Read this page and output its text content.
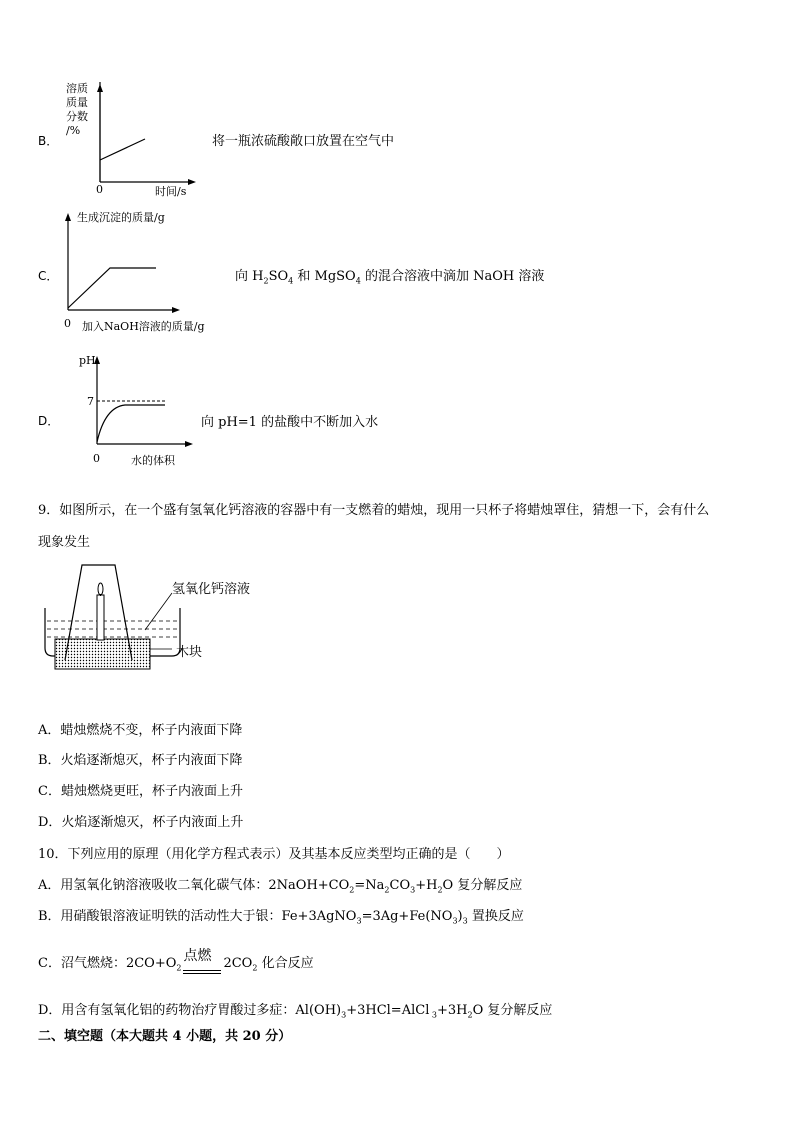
B．
溶质
质量
分数
/%
0	时间/s
将一瓶浓硫酸敞口放置在空气中
C．
生成沉淀的质量/g
0 加入NaOH溶液的质量/g
向 $H_2SO_4$ 和 MgSO$_4$ 的混合溶液中滴加 NaOH 溶液
D．
pH
7
0	水的体积
向 pH=1 的盐酸中不断加入水
9．如图所示，在一个盛有氢氧化钙溶液的容器中有一支燃着的蜡烛，现用一只杯子将蜡烛罩住，猜想一下，会有什么
现象发生
氢氧化钙溶液
木块
A．蜡烛燃烧不变，杯子内液面下降
B．火焰逐渐熄灭，杯子内液面下降
C．蜡烛燃烧更旺，杯子内液面上升
D．火焰逐渐熄灭，杯子内液面上升
10．下列应用的原理（用化学方程式表示）及其基本反应类型均正确的是（　　）
A．用氢氧化钠溶液吸收二氧化碳气体：$2NaOH+CO_2=Na_2CO_3+H_2O$ 复分解反应
B．用硝酸银溶液证明铁的活动性大于银：$Fe+3AgNO_3=3Ag+Fe(NO_3)_3$ 置换反应
C．沼气燃烧：$2CO+O_2$
点燃 $2CO_2$ 化合反应
D．用含有氢氧化铝的药物治疗胃酸过多症：$Al(OH)_3+3HCl=AlCl$ $_3+3H_2O$ 复分解反应
二、填空题（本大题共 4 小题，共 20 分）
